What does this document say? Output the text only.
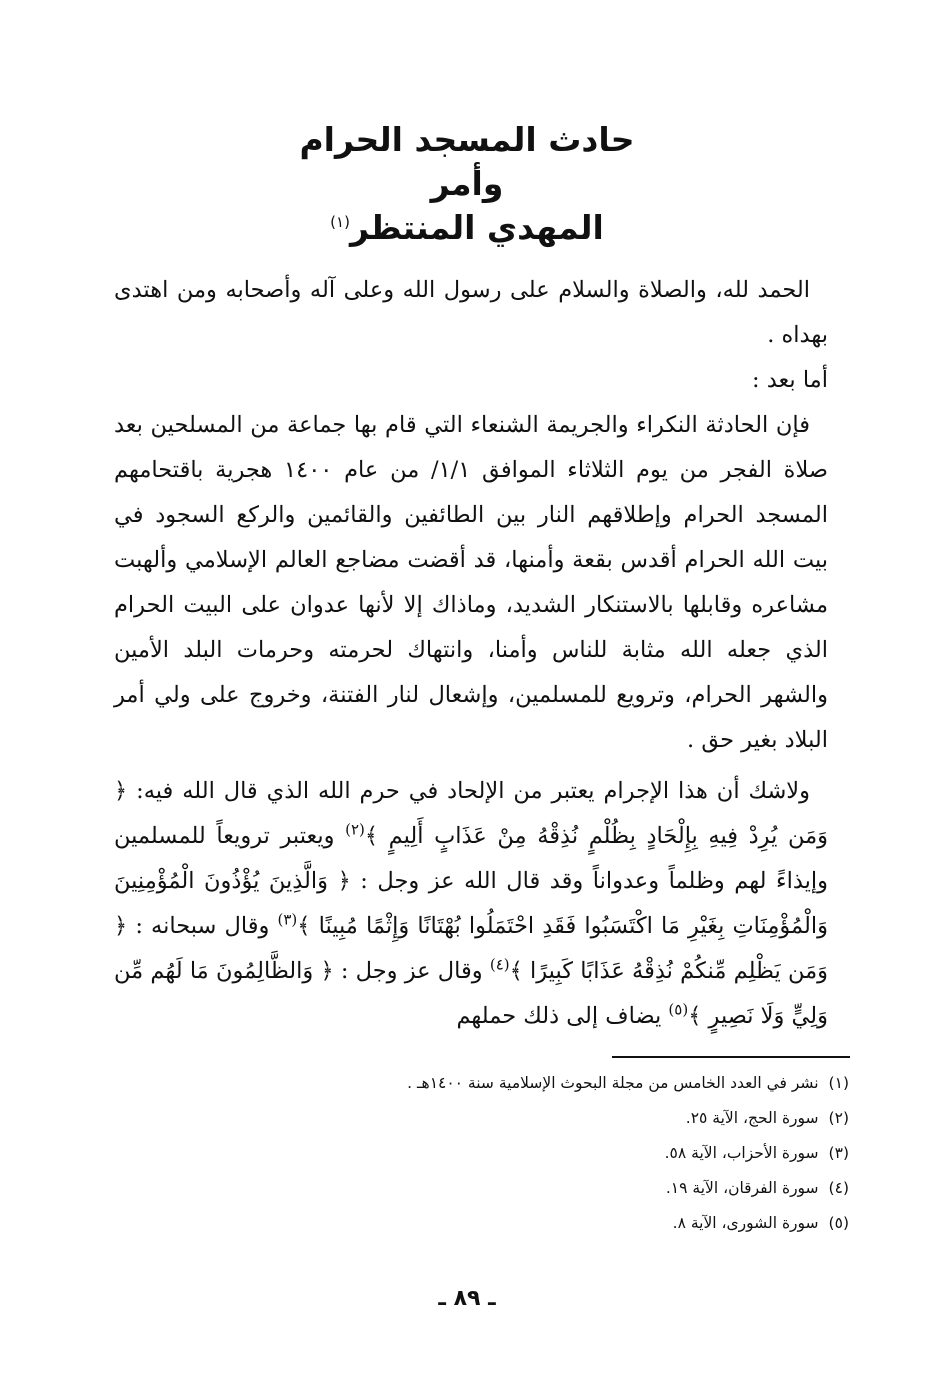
حادث المسجد الحرام

وأمر

المهدي المنتظر$^{(١)}$

الحمد لله، والصلاة والسلام على رسول الله وعلى آله وأصحابه ومن اهتدى بهداه .

أما بعد :

فإن الحادثة النكراء والجريمة الشنعاء التي قام بها جماعة من المسلحين بعد صلاة الفجر من يوم الثلاثاء الموافق ١/١/ من عام ١٤٠٠ هجرية باقتحامهم المسجد الحرام وإطلاقهم النار بين الطائفين والقائمين والركع السجود في بيت الله الحرام أقدس بقعة وأمنها، قد أقضت مضاجع العالم الإسلامي وألهبت مشاعره وقابلها بالاستنكار الشديد، وماذاك إلا لأنها عدوان على البيت الحرام الذي جعله الله مثابة للناس وأمنا، وانتهاك لحرمته وحرمات البلد الأمين والشهر الحرام، وترويع للمسلمين، وإشعال لنار الفتنة، وخروج على ولي أمر البلاد بغير حق .

ولاشك أن هذا الإجرام يعتبر من الإلحاد في حرم الله الذي قال الله فيه: ﴿ وَمَن يُرِدْ فِيهِ بِإِلْحَادٍ بِظُلْمٍ نُذِقْهُ مِنْ عَذَابٍ أَلِيمٍ ﴾$^{(٢)}$ ويعتبر ترويعاً للمسلمين وإيذاءً لهم وظلماً وعدواناً وقد قال الله عز وجل : ﴿ وَالَّذِينَ يُؤْذُونَ الْمُؤْمِنِينَ وَالْمُؤْمِنَاتِ بِغَيْرِ مَا اكْتَسَبُوا فَقَدِ احْتَمَلُوا بُهْتَانًا وَإِثْمًا مُبِينًا ﴾$^{(٣)}$ وقال سبحانه : ﴿ وَمَن يَظْلِم مِّنكُمْ نُذِقْهُ عَذَابًا كَبِيرًا ﴾$^{(٤)}$ وقال عز وجل : ﴿ وَالظَّالِمُونَ مَا لَهُم مِّن وَلِيٍّ وَلَا نَصِيرٍ ﴾$^{(٥)}$ يضاف إلى ذلك حملهم

(١)نشر في العدد الخامس من مجلة البحوث الإسلامية سنة ١٤٠٠هـ .

(٢)سورة الحج، الآية ٢٥.

(٣)سورة الأحزاب، الآية ٥٨.

(٤)سورة الفرقان، الآية ١٩.

(٥)سورة الشورى، الآية ٨.

ـ ٨٩ ـ
